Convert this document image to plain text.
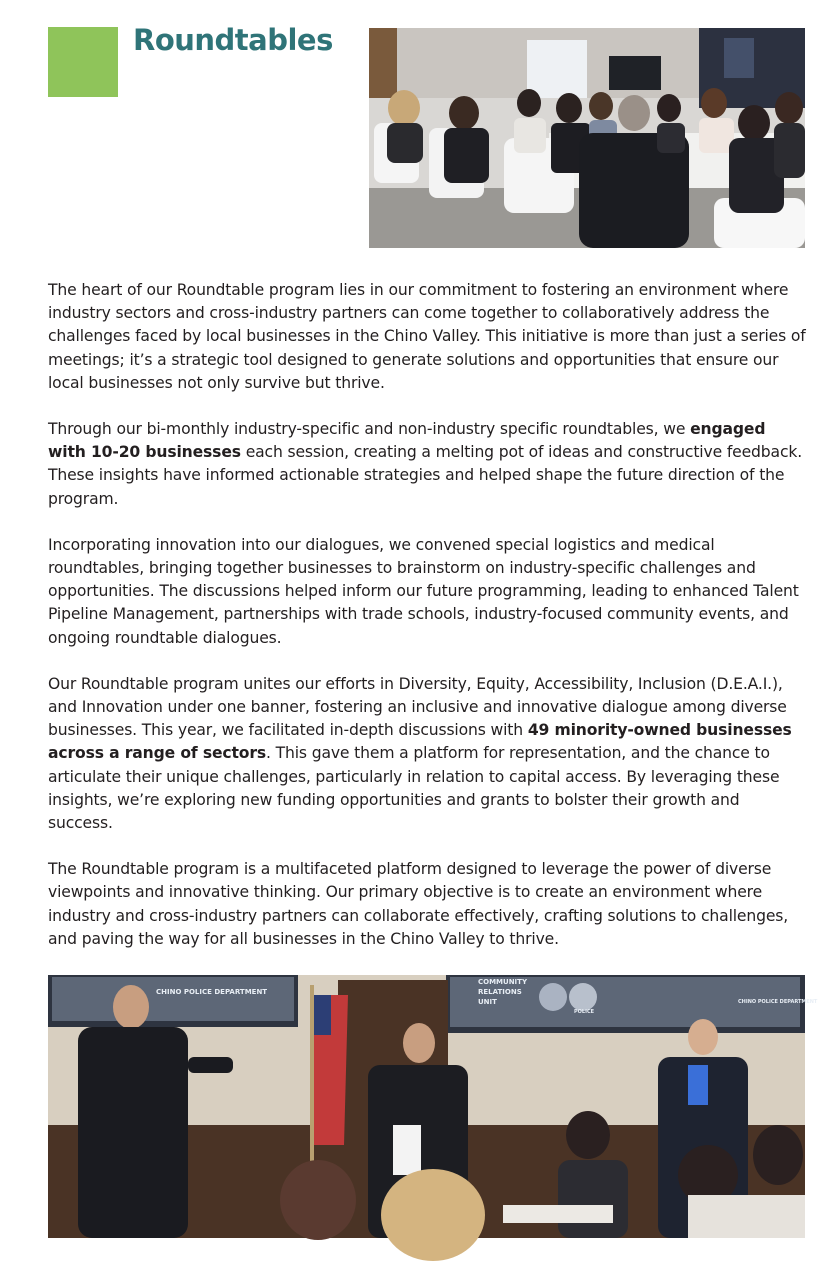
Roundtables

The heart of our Roundtable program lies in our commitment to fostering an environment where industry sectors and cross-industry partners can come together to collaboratively address the challenges faced by local businesses in the Chino Valley. This initiative is more than just a series of meetings; it’s a strategic tool designed to generate solutions and opportunities that ensure our local businesses not only survive but thrive.

Through our bi-monthly industry-specific and non-industry specific roundtables, we engaged with 10-20 businesses each session, creating a melting pot of ideas and constructive feedback. These insights have informed actionable strategies and helped shape the future direction of the program.

Incorporating innovation into our dialogues, we convened special logistics and medical roundtables, bringing together businesses to brainstorm on industry-specific challenges and opportunities. The discussions helped inform our future programming, leading to enhanced Talent Pipeline Management, partnerships with trade schools, industry-focused community events, and ongoing roundtable dialogues.

Our Roundtable program unites our efforts in Diversity, Equity, Accessibility, Inclusion (D.E.A.I.), and Innovation under one banner, fostering an inclusive and innovative dialogue among diverse businesses. This year, we facilitated in-depth discussions with 49 minority-owned businesses across a range of sectors. This gave them a platform for representation, and the chance to articulate their unique challenges, particularly in relation to capital access. By leveraging these insights, we’re exploring new funding opportunities and grants to bolster their growth and success.

The Roundtable program is a multifaceted platform designed to leverage the power of diverse viewpoints and innovative thinking. Our primary objective is to create an environment where industry and cross-industry partners can collaborate effectively, crafting solutions to challenges, and paving the way for all businesses in the Chino Valley to thrive.

CHINO POLICE DEPARTMENT
COMMUNITY
RELATIONS
UNIT
POLICE
CHINO POLICE DEPARTMENT
